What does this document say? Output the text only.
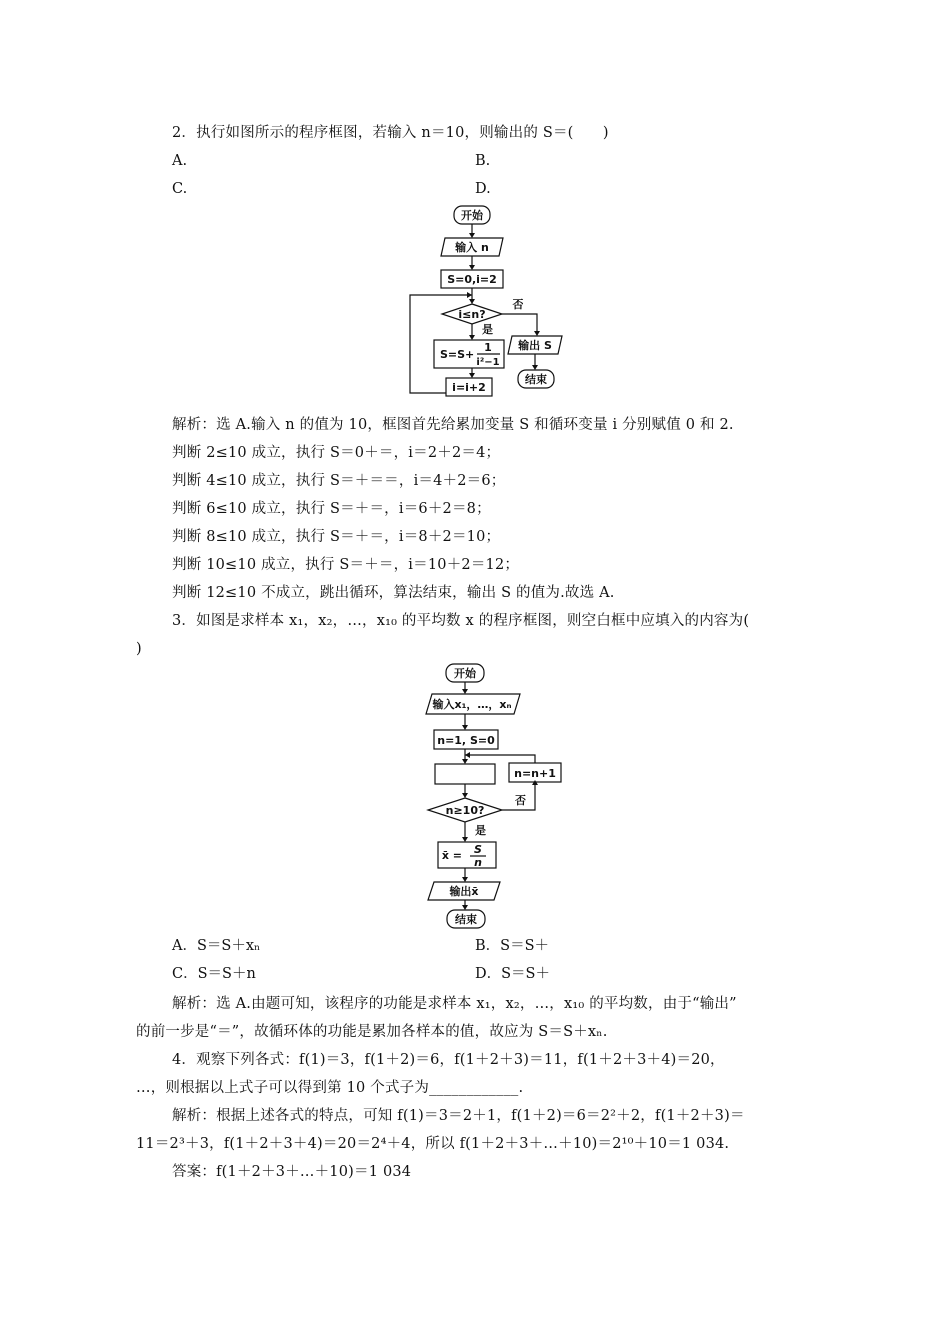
2．执行如图所示的程序框图，若输入 n＝10，则输出的 S＝(　　)
A.	B.
C.	D.
开始
输入 n
S=0,i=2
i≤n?
否
是
S=S+
1
i²−1
i=i+2
输出 S
结束
解析：选 A.输入 n 的值为 10，框图首先给累加变量 S 和循环变量 i 分别赋值 0 和 2.
判断 2≤10 成立，执行 S＝0＋＝，i＝2＋2＝4；
判断 4≤10 成立，执行 S＝＋＝＝，i＝4＋2＝6；
判断 6≤10 成立，执行 S＝＋＝，i＝6＋2＝8；
判断 8≤10 成立，执行 S＝＋＝，i＝8＋2＝10；
判断 10≤10 成立，执行 S＝＋＝，i＝10＋2＝12；
判断 12≤10 不成立，跳出循环，算法结束，输出 S 的值为.故选 A.
3．如图是求样本 x₁，x₂，…，x₁₀ 的平均数 x 的程序框图，则空白框中应填入的内容为(
)
开始
输入x₁，…，xₙ
n=1, S=0
n=n+1
n≥10?
否
是
x̄ = S
n
输出x̄
结束
A．S＝S＋xₙ	B．S＝S＋
C．S＝S＋n	D．S＝S＋
解析：选 A.由题可知，该程序的功能是求样本 x₁，x₂，…，x₁₀ 的平均数，由于“输出”
的前一步是“＝”，故循环体的功能是累加各样本的值，故应为 S＝S＋xₙ.
4．观察下列各式：f(1)＝3，f(1＋2)＝6，f(1＋2＋3)＝11，f(1＋2＋3＋4)＝20，
…，则根据以上式子可以得到第 10 个式子为____________.
解析：根据上述各式的特点，可知 f(1)＝3＝2＋1，f(1＋2)＝6＝2²＋2，f(1＋2＋3)＝
11＝2³＋3，f(1＋2＋3＋4)＝20＝2⁴＋4，所以 f(1＋2＋3＋…＋10)＝2¹⁰＋10＝1 034.
答案：f(1＋2＋3＋…＋10)＝1 034
